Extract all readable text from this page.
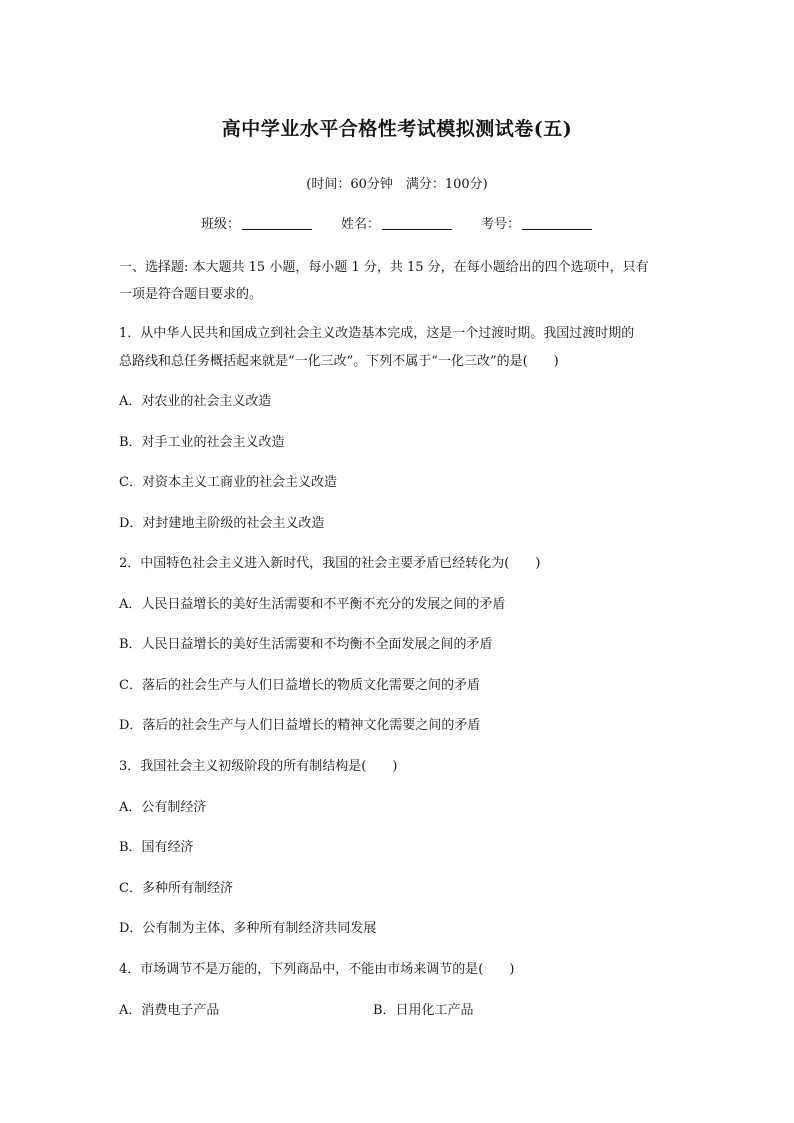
高中学业水平合格性考试模拟测试卷(五)
(时间：60分钟　满分：100分)
班级：	姓名：	考号：
一、选择题: 本大题共 15 小题，每小题 1 分，共 15 分，在每小题给出的四个选项中，只有
一项是符合题目要求的。
1．从中华人民共和国成立到社会主义改造基本完成，这是一个过渡时期。我国过渡时期的
总路线和总任务概括起来就是“一化三改”。下列不属于“一化三改”的是(　　)
A．对农业的社会主义改造
B．对手工业的社会主义改造
C．对资本主义工商业的社会主义改造
D．对封建地主阶级的社会主义改造
2．中国特色社会主义进入新时代，我国的社会主要矛盾已经转化为(　　)
A．人民日益增长的美好生活需要和不平衡不充分的发展之间的矛盾
B．人民日益增长的美好生活需要和不均衡不全面发展之间的矛盾
C．落后的社会生产与人们日益增长的物质文化需要之间的矛盾
D．落后的社会生产与人们日益增长的精神文化需要之间的矛盾
3．我国社会主义初级阶段的所有制结构是(　　)
A．公有制经济
B．国有经济
C．多种所有制经济
D．公有制为主体、多种所有制经济共同发展
4．市场调节不是万能的，下列商品中，不能由市场来调节的是(　　)
A．消费电子产品	B．日用化工产品
